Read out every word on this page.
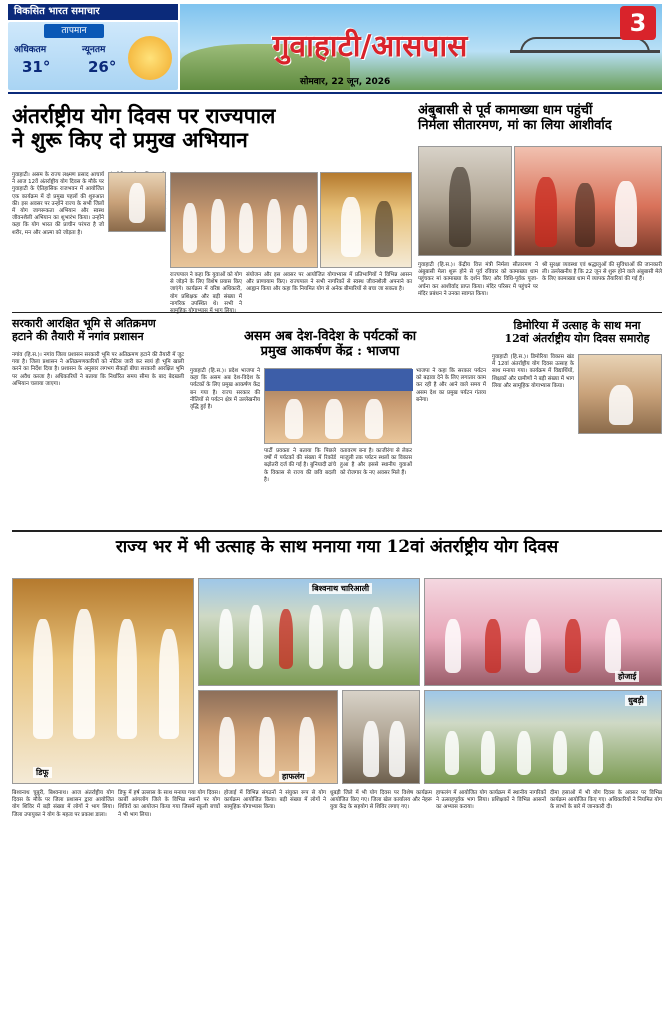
विकसित भारत समाचार
तापमान
अधिकतम	न्यूनतम
31°	26°
गुवाहाटी/आसपास
3
सोमवार, 22 जून, 2026
अंतर्राष्ट्रीय योग दिवस पर राज्यपाल
ने शुरू किए दो प्रमुख अभियान
गुवाहाटी। असम के राज्य लक्ष्मण प्रसाद आचार्य ने आज 12वें अंतर्राष्ट्रीय योग दिवस के मौके पर गुवाहाटी के ऐतिहासिक राजभवन में आयोजित एक कार्यक्रम में दो प्रमुख पहलों की शुरुआत की। इस अवसर पर उन्होंने राज्य के सभी जिलों में योग जागरूकता अभियान और स्वस्थ जीवनशैली अभियान का शुभारंभ किया। उन्होंने कहा कि योग भारत की प्राचीन परंपरा है जो शरीर, मन और आत्मा को जोड़ता है।
राज्यपाल ने कहा कि युवाओं को योग से जोड़ने के लिए विशेष प्रयास किए जाएंगे। कार्यक्रम में वरिष्ठ अधिकारी, योग प्रशिक्षक और बड़ी संख्या में नागरिक उपस्थित थे। सभी ने
संयोजन और इस अवसर पर आयोजित योगाभ्यास में प्रतिभागियों ने विभिन्न आसन और प्राणायाम किए। राज्यपाल ने सभी नागरिकों से स्वस्थ जीवनशैली अपनाने का आह्वान किया और कहा कि नियमित योग से अनेक बीमारियों से बचा जा सकता है।
अंबुबासी से पूर्व कामाख्या धाम पहुंचीं
निर्मला सीतारमण, मां का लिया आशीर्वाद
गुवाहाटी (हि.स.)। केंद्रीय वित्त मंत्री निर्मला सीतारमण ने अंबुबासी मेला शुरू होने से पूर्व रविवार को कामाख्या धाम पहुंचकर मां कामाख्या के दर्शन किए और विधि-पूर्वक पूजा-अर्चना कर आशीर्वाद प्राप्त किया। मंदिर परिसर में पहुंचने पर मंदिर प्रबंधन ने उनका स्वागत किया।
श्री सुरक्षा व्यवस्था एवं श्रद्धालुओं की सुविधाओं की जानकारी ली। उल्लेखनीय है कि 22 जून से शुरू होने वाले अंबुबासी मेले के लिए कामाख्या धाम में व्यापक तैयारियां की गई हैं।
सरकारी आरक्षित भूमि से अतिक्रमण
हटाने की तैयारी में नगांव प्रशासन
नगांव (हि.स.)। नगांव जिला प्रशासन सरकारी भूमि पर अतिक्रमण हटाने की तैयारी में जुट गया है। जिला प्रशासन ने अतिक्रमणकारियों को नोटिस जारी कर स्वयं ही भूमि खाली करने का निर्देश दिया है। प्रशासन के अनुसार लगभग सैकड़ों बीघा सरकारी आरक्षित भूमि पर अवैध कब्जा है। अधिकारियों ने बताया कि निर्धारित समय सीमा के बाद बेदखली अभियान चलाया जाएगा।
असम अब देश-विदेश के पर्यटकों का
प्रमुख आकर्षण केंद्र : भाजपा
गुवाहाटी (हि.स.)। प्रदेश भाजपा ने कहा कि असम अब देश-विदेश के पर्यटकों के लिए प्रमुख आकर्षण केंद्र बन गया है। राज्य सरकार की नीतियों से पर्यटन क्षेत्र में उल्लेखनीय वृद्धि हुई है।
पार्टी प्रवक्ता ने बताया कि पिछले वर्षों में पर्यटकों की संख्या में रिकॉर्ड बढ़ोतरी दर्ज की गई है। बुनियादी ढांचे के विकास से राज्य की छवि बदली है।
वतावरण बना है। काजीरंगा से लेकर माजुली तक पर्यटन स्थलों का विकास हुआ है और इससे स्थानीय युवाओं को रोजगार के नए अवसर मिले हैं।
भाजपा ने कहा कि सरकार पर्यटन को बढ़ावा देने के लिए लगातार काम कर रही है और आने वाले समय में असम देश का प्रमुख पर्यटन गंतव्य बनेगा।
डिमोरिया में उत्साह के साथ मना
12वां अंतर्राष्ट्रीय योग दिवस समारोह
गुवाहाटी (हि.स.)। डिमोरिया विकास खंड में 12वां अंतर्राष्ट्रीय योग दिवस उत्साह के साथ मनाया गया। कार्यक्रम में विद्यार्थियों, शिक्षकों और ग्रामीणों ने बड़ी संख्या में भाग लिया और सामूहिक योगाभ्यास किया।
राज्य भर में भी उत्साह के साथ मनाया गया 12वां अंतर्राष्ट्रीय योग दिवस
डिफू
बिश्वनाथ चारिआली
होजाई
हाफलंग
धुबड़ी
बिश्वनाथ चुबुरी, बिश्वनाथ। आज अंतर्राष्ट्रीय योग दिवस के मौके पर जिला प्रशासन द्वारा आयोजित योग शिविर में बड़ी संख्या में लोगों ने भाग लिया। जिला उपायुक्त ने योग के महत्व पर प्रकाश डाला।
डिफू में हर्ष उल्लास के साथ मनाया गया योग दिवस। कार्बी आंगलोंग जिले के विभिन्न स्थानों पर योग शिविरों का आयोजन किया गया जिसमें स्कूली बच्चों ने भी भाग लिया।
होजाई में विभिन्न संगठनों ने संयुक्त रूप से योग कार्यक्रम आयोजित किया। बड़ी संख्या में लोगों ने सामूहिक योगाभ्यास किया।
धुबड़ी जिले में भी योग दिवस पर विशेष कार्यक्रम आयोजित किए गए। जिला खेल कार्यालय और नेहरू युवा केंद्र के सहयोग से शिविर लगाए गए।
हाफलंग में आयोजित योग कार्यक्रम में स्थानीय नागरिकों ने उत्साहपूर्वक भाग लिया। प्रशिक्षकों ने विभिन्न आसनों का अभ्यास कराया।
दीमा हसाओ में भी योग दिवस के अवसर पर विभिन्न कार्यक्रम आयोजित किए गए। अधिकारियों ने नियमित योग के लाभों के बारे में जानकारी दी।
